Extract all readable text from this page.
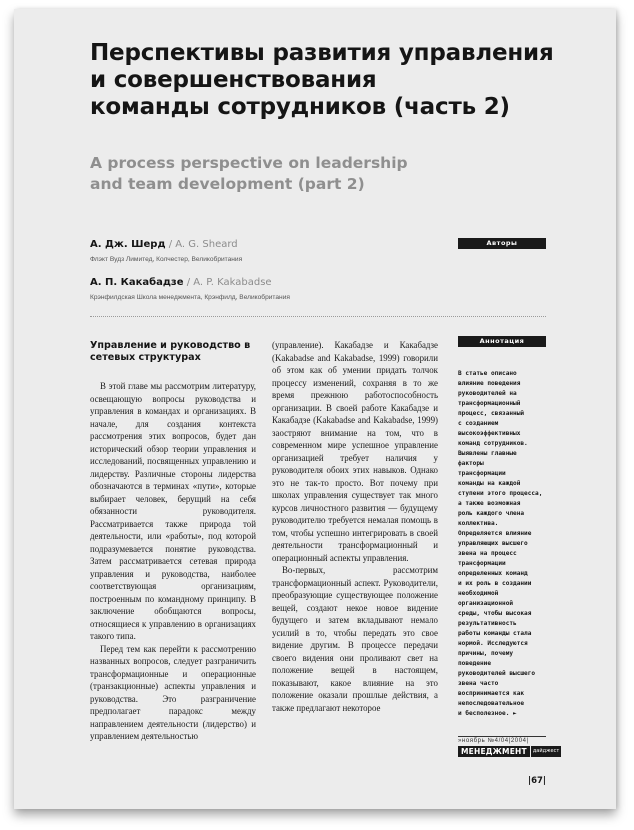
Перспективы развития управления
и совершенствования
команды сотрудников (часть 2)
A process perspective on leadership
and team development (part 2)
Авторы
А. Дж. Шерд / A. G. Sheard
Флэкт Вудз Лимитед, Колчестер, Великобритания
А. П. Какабадзе / A. P. Kakabadse
Крэнфилдская Школа менеджмента, Крэнфилд, Великобритания
Аннотация
Управление и руководство в сетевых структурах

В этой главе мы рассмотрим литературу, освещающую вопросы руководства и управления в командах и организациях. В начале, для создания контекста рассмотрения этих вопросов, будет дан исторический обзор теории управления и исследований, посвященных управлению и лидерству. Различные стороны лидерства обозначаются в терминах «пути», которые выбирает человек, берущий на себя обязанности руководителя. Рассматривается также природа той деятельности, или «работы», под которой подразумевается понятие руководства. Затем рассматривается сетевая природа управления и руководства, наиболее соответствующая организациям, построенным по командному принципу. В заключение обобщаются вопросы, относящиеся к управлению в организациях такого типа.

Перед тем как перейти к рассмотрению названных вопросов, следует разграничить трансформационные и операционные (транзакционные) аспекты управления и руководства. Это разграничение предполагает парадокс между направлением деятельности (лидерство) и управлением деятельностью

(управление). Какабадзе и Какабадзе (Kakabadse and Kakabadse, 1999) говорили об этом как об умении придать толчок процессу изменений, сохраняя в то же время прежнюю работоспособность организации. В своей работе Какабадзе и Какабадзе (Kakabadse and Kakabadse, 1999) заостряют внимание на том, что в современном мире успешное управление организацией требует наличия у руководителя обоих этих навыков. Однако это не так-то просто. Вот почему при школах управления существует так много курсов личностного развития — будущему руководителю требуется немалая помощь в том, чтобы успешно интегрировать в своей деятельности трансформационный и операционный аспекты управления.

Во-первых, рассмотрим трансформационный аспект. Руководители, преобразующие существующее положение вещей, создают некое новое видение будущего и затем вкладывают немало усилий в то, чтобы передать это свое видение другим. В процессе передачи своего видения они проливают свет на положение вещей в настоящем, показывают, какое влияние на это положение оказали прошлые действия, а также предлагают некоторое

В статье описано
влияние поведения
руководителей на
трансформационный
процесс, связанный
с созданием
высокоэффективных
команд сотрудников.
Выявлены главные
факторы
трансформации
команды на каждой
ступени этого процесса,
а также возможная
роль каждого члена
коллектива.
Определяется влияние
управляющих высшего
звена на процесс
трансформации
определенных команд
и их роль в создании
необходимой
организационной
среды, чтобы высокая
результативность
работы команды стала
нормой. Исследуются
причины, почему
поведение
руководителей высшего
звена часто
воспринимается как
непоследовательное
и бесполезное. ►
»ноябрь №4/04|2004|
МЕНЕДЖМЕНТ	дайджест
|67|
